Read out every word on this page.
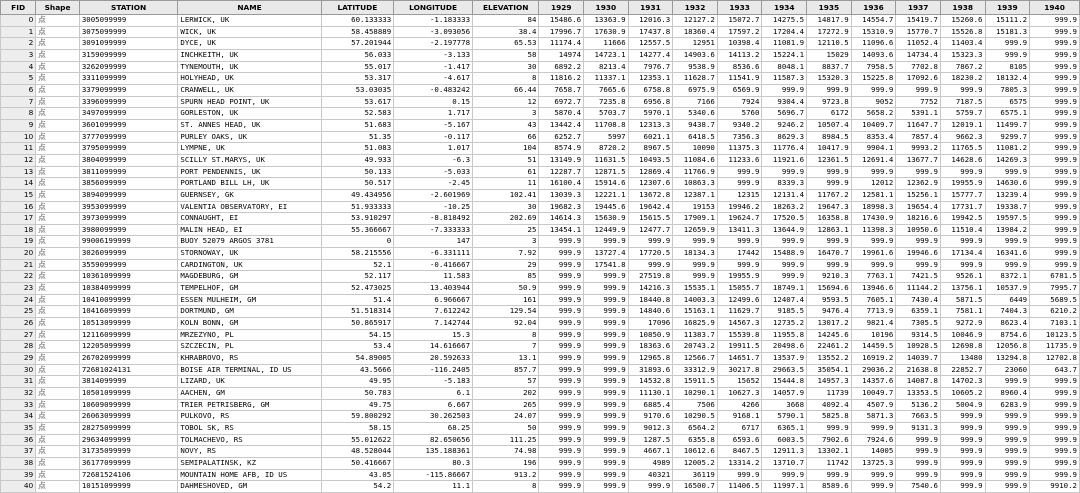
FID	Shape	STATION	NAME	LATITUDE	LONGITUDE	ELEVATION	1929	1930	1931	1932	1933	1934	1935	1936	1937	1938	1939	1940
0	点	3005099999	LERWICK, UK	60.133333	-1.183333	84	15486.6	13363.9	12016.3	12127.2	15072.7	14275.5	14817.9	14554.7	15419.7	15260.6	15111.2	999.9
1	点	3075099999	WICK, UK	58.458889	-3.093056	38.4	17996.7	17630.9	17437.8	18360.4	17597.2	17204.4	17272.9	15310.9	15770.7	15526.8	15181.3	999.9
2	点	3091099999	DYCE, UK	57.201944	-2.197778	65.53	11174.4	11666	12557.5	12951	10398.4	11081.9	12110.5	11096.6	11052.4	11403.4	999.9	999.9
3	点	3159099999	INCHKEITH, UK	56.033	-3.133	58	14974	14723.1	14277.4	14903.6	14113.2	15224.1	15029	14093.6	14734.4	15323.3	999.9	999.9
4	点	3262099999	TYNEMOUTH, UK	55.017	-1.417	30	6892.2	8213.4	7976.7	9538.9	8536.6	8048.1	8837.7	7958.5	7702.8	7867.2	8105	999.9
5	点	3311099999	HOLYHEAD, UK	53.317	-4.617	8	11816.2	11337.1	12353.1	11628.7	11541.9	11587.3	15320.3	15225.8	17092.6	18230.2	18132.4	999.9
6	点	3379099999	CRANWELL, UK	53.03035	-0.483242	66.44	7658.7	7665.6	6758.8	6975.9	6569.9	999.9	999.9	999.9	999.9	999.9	7805.3	999.9
7	点	3396099999	SPURN HEAD POINT, UK	53.617	0.15	12	6972.7	7235.8	6956.8	7166	7924	9304.4	9723.8	9052	7752	7187.5	6575	999.9
8	点	3497099999	GORLESTON, UK	52.583	1.717	3	5870.4	5703.7	5970.1	5340.6	5760	5696.7	6172	5658.2	5391.1	5759.7	6575.1	999.9
9	点	3601099999	ST. ANNES HEAD, UK	51.683	-5.167	43	13442.4	11708.8	12313.3	9438.7	9340.2	9246.2	10507.4	10409.7	11647.7	12019.1	11499.7	999.9
10	点	3777099999	PURLEY OAKS, UK	51.35	-0.117	66	6252.7	5997	6021.1	6418.5	7356.3	8629.3	8984.5	8353.4	7857.4	9662.3	9299.7	999.9
11	点	3795099999	LYMPNE, UK	51.083	1.017	104	8574.9	8720.2	8967.5	10090	11375.3	11776.4	10417.9	9904.1	9993.2	11765.5	11081.2	999.9
12	点	3804099999	SCILLY ST.MARYS, UK	49.933	-6.3	51	13149.9	11631.5	10493.5	11084.6	11233.6	11921.6	12361.5	12691.4	13677.7	14628.6	14269.3	999.9
13	点	3811099999	PORT PENDENNIS, UK	50.133	-5.033	61	12287.7	12871.5	12869.4	11766.9	999.9	999.9	999.9	999.9	999.9	999.9	999.9	999.9
14	点	3856099999	PORTLAND BILL LH, UK	50.517	-2.45	11	16100.4	15914.6	12307.6	10863.3	999.9	8339.3	999.9	12012	12362.9	19955.9	14630.6	999.9
15	点	3894099999	GUERNSEY, GK	49.434956	-2.601969	102.41	13039.3	12221.1	13672.8	12387.1	12315	12131.4	11767.2	12581.1	15256.1	15777.7	13239.4	999.9
16	点	3953099999	VALENTIA OBSERVATORY, EI	51.933333	-10.25	30	19682.3	19445.6	19642.4	19153	19946.2	18263.2	19647.3	18998.3	19654.4	17731.7	19338.7	999.9
17	点	3973099999	CONNAUGHT, EI	53.910297	-8.818492	202.69	14614.3	15630.9	15615.5	17909.1	19624.7	17520.5	16358.8	17430.9	18216.6	19942.5	19597.5	999.9
18	点	3980099999	MALIN HEAD, EI	55.366667	-7.333333	25	13454.1	12449.9	12477.7	12659.9	13411.3	13644.9	12863.1	11398.3	10950.6	11510.4	13984.2	999.9
19	点	99006199999	BUOY 52079 ARGOS 3781	0	147	3	999.9	999.9	999.9	999.9	999.9	999.9	999.9	999.9	999.9	999.9	999.9	999.9
20	点	3026099999	STORNOWAY, UK	58.215556	-6.331111	7.92	999.9	13727.4	17720.5	18134.3	17442	15488.9	16470.7	19961.6	19946.6	17134.4	16341.6	999.9
21	点	3559099999	CARDINGTON, UK	52.1	-0.416667	29	999.9	17541.8	999.9	999.9	999.9	999.9	999.9	999.9	999.9	999.9	999.9	999.9
22	点	10361099999	MAGDEBURG, GM	52.117	11.583	85	999.9	999.9	27519.8	999.9	19955.9	999.9	9210.3	7763.1	7421.5	9526.1	8372.1	6781.5
23	点	10384099999	TEMPELHOF, GM	52.473025	13.403944	50.9	999.9	999.9	14216.3	15535.1	15055.7	18749.1	15694.6	13946.6	11144.2	13756.1	10537.9	7995.7
24	点	10410099999	ESSEN MULHEIM, GM	51.4	6.966667	161	999.9	999.9	18440.8	14003.3	12499.6	12407.4	9593.5	7605.1	7430.4	5871.5	6449	5689.5
25	点	10416099999	DORTMUND, GM	51.518314	7.612242	129.54	999.9	999.9	14840.6	15163.1	11629.7	9185.5	9476.4	7713.9	6359.1	7581.1	7404.3	6210.2
26	点	10513099999	KOLN BONN, GM	50.865917	7.142744	92.04	999.9	999.9	17096	16825.9	14567.3	12735.2	13017.2	9821.4	7305.5	9272.9	8623.4	7103.1
27	点	12116099999	MRZEZYNO, PL	54.15	15.3	8	999.9	999.9	10850.9	11383.7	15539.8	11955.8	14245.6	10196	9314.5	10046.9	8754.6	10123.5
28	点	12205099999	SZCZECIN, PL	53.4	14.616667	7	999.9	999.9	18363.6	20743.2	19911.5	20498.6	22461.2	14459.5	10928.5	12698.8	12056.8	11735.9
29	点	26702099999	KHRABROVO, RS	54.89005	20.592633	13.1	999.9	999.9	12965.8	12566.7	14651.7	13537.9	13552.2	16919.2	14039.7	13480	13294.8	12702.8
30	点	72681024131	BOISE AIR TERMINAL, ID US	43.5666	-116.2405	857.7	999.9	999.9	31893.6	33312.9	30217.8	29663.5	35054.1	29036.2	21638.8	22852.7	23060	643.7
31	点	3814099999	LIZARD, UK	49.95	-5.183	57	999.9	999.9	14532.8	15911.5	15652	15444.8	14957.3	14357.6	14087.8	14702.3	999.9	999.9
32	点	10501099999	AACHEN, GM	50.783	6.1	202	999.9	999.9	11130.1	10290.1	10627.3	14057.9	11739	10049.7	13353.5	10605.2	8960.4	999.9
33	点	10609099999	TRIER PETRISBERG, GM	49.75	6.667	265	999.9	999.9	6885.4	7506	4266	3668	4092.4	4507.9	5136.2	5004.9	6283.9	999.9
34	点	26063099999	PULKOVO, RS	59.800292	30.262503	24.07	999.9	999.9	9170.6	10290.5	9168.1	5790.1	5825.8	5871.3	7663.5	999.9	999.9	999.9
35	点	28275099999	TOBOL SK, RS	58.15	68.25	50	999.9	999.9	9012.3	6564.2	6717	6365.1	999.9	999.9	9131.3	999.9	999.9	999.9
36	点	29634099999	TOLMACHEVO, RS	55.012622	82.650656	111.25	999.9	999.9	1287.5	6355.8	6593.6	6003.5	7902.6	7924.6	999.9	999.9	999.9	999.9
37	点	31735099999	NOVY, RS	48.528044	135.188361	74.98	999.9	999.9	4667.1	10612.6	8467.5	12911.3	13302.1	14005	999.9	999.9	999.9	999.9
38	点	36177099999	SEMIPALATINSK, KZ	50.416667	80.3	196	999.9	999.9	4989	12005.2	13314.2	13710.7	11742	13725.3	999.9	999.9	999.9	999.9
39	点	72681524106	MOUNTAIN HOME AFB, ID US	43.05	-115.86667	913.2	999.9	999.9	40321	36119	999.9	999.9	999.9	999.9	999.9	999.9	999.9	999.9
40	点	10151099999	DAHMESHOVED, GM	54.2	11.1	8	999.9	999.9	999.9	16500.7	11406.5	11997.1	8589.6	999.9	7540.6	999.9	999.9	9910.2
